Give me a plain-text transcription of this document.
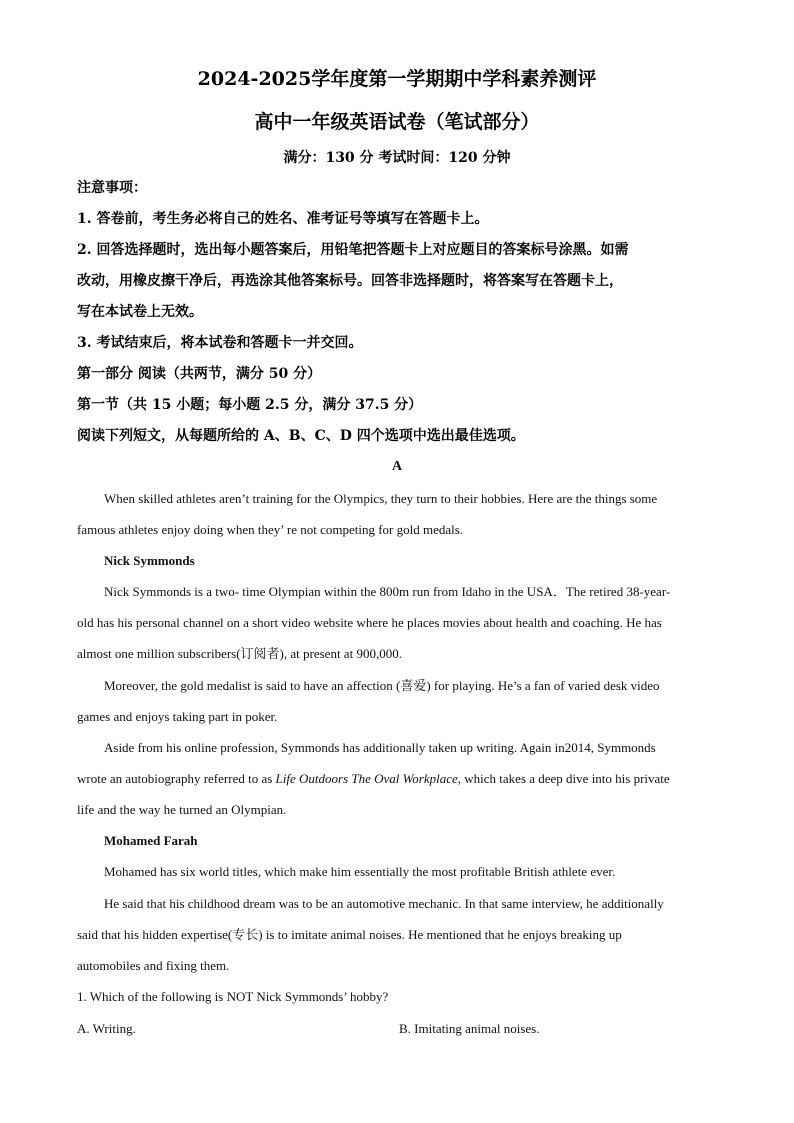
2024-2025学年度第一学期期中学科素养测评
高中一年级英语试卷（笔试部分）
满分：130 分 考试时间：120 分钟
注意事项：
1. 答卷前，考生务必将自己的姓名、准考证号等填写在答题卡上。
2. 回答选择题时，选出每小题答案后，用铅笔把答题卡上对应题目的答案标号涂黑。如需
改动，用橡皮擦干净后，再选涂其他答案标号。回答非选择题时，将答案写在答题卡上，
写在本试卷上无效。
3. 考试结束后，将本试卷和答题卡一并交回。
第一部分 阅读（共两节，满分 50 分）
第一节（共 15 小题；每小题 2.5 分，满分 37.5 分）
阅读下列短文，从每题所给的 A、B、C、D 四个选项中选出最佳选项。
A
When skilled athletes aren’t training for the Olympics, they turn to their hobbies. Here are the things some
famous athletes enjoy doing when they’ re not competing for gold medals.
Nick Symmonds
Nick Symmonds is a two- time Olympian within the 800m run from Idaho in the USA．The retired 38-year-
old has his personal channel on a short video website where he places movies about health and coaching. He has
almost one million subscribers(订阅者), at present at 900,000.
Moreover, the gold medalist is said to have an affection (喜爱) for playing. He’s a fan of varied desk video
games and enjoys taking part in poker.
Aside from his online profession, Symmonds has additionally taken up writing. Again in2014, Symmonds
wrote an autobiography referred to as Life Outdoors The Oval Workplace, which takes a deep dive into his private
life and the way he turned an Olympian.
Mohamed Farah
Mohamed has six world titles, which make him essentially the most profitable British athlete ever.
He said that his childhood dream was to be an automotive mechanic. In that same interview, he additionally
said that his hidden expertise(专长) is to imitate animal noises. He mentioned that he enjoys breaking up
automobiles and fixing them.
1. Which of the following is NOT Nick Symmonds’ hobby?
A. Writing.	B. Imitating animal noises.
